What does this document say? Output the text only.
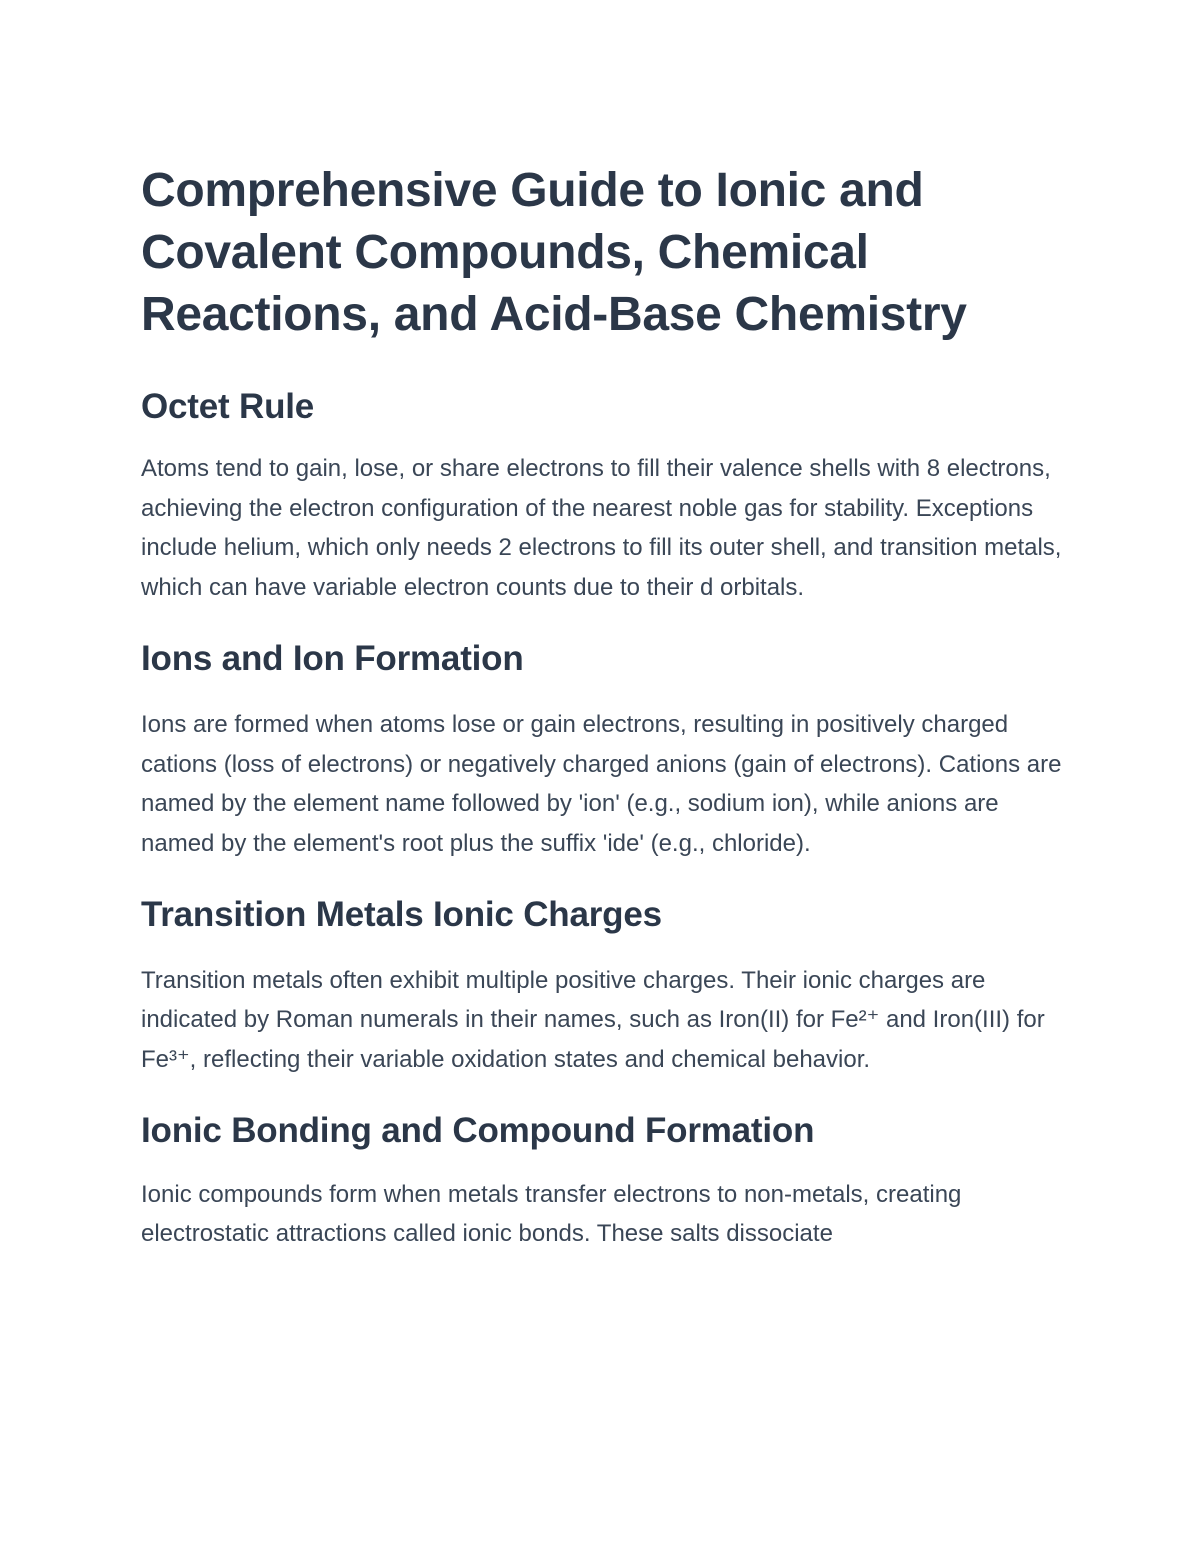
Comprehensive Guide to Ionic and Covalent Compounds, Chemical Reactions, and Acid-Base Chemistry
Octet Rule

Atoms tend to gain, lose, or share electrons to fill their valence shells with 8 electrons, achieving the electron configuration of the nearest noble gas for stability. Exceptions include helium, which only needs 2 electrons to fill its outer shell, and transition metals, which can have variable electron counts due to their d orbitals.

Ions and Ion Formation

Ions are formed when atoms lose or gain electrons, resulting in positively charged cations (loss of electrons) or negatively charged anions (gain of electrons). Cations are named by the element name followed by 'ion' (e.g., sodium ion), while anions are named by the element's root plus the suffix 'ide' (e.g., chloride).

Transition Metals Ionic Charges

Transition metals often exhibit multiple positive charges. Their ionic charges are indicated by Roman numerals in their names, such as Iron(II) for Fe²⁺ and Iron(III) for Fe³⁺, reflecting their variable oxidation states and chemical behavior.

Ionic Bonding and Compound Formation

Ionic compounds form when metals transfer electrons to non-metals, creating electrostatic attractions called ionic bonds. These salts dissociate
